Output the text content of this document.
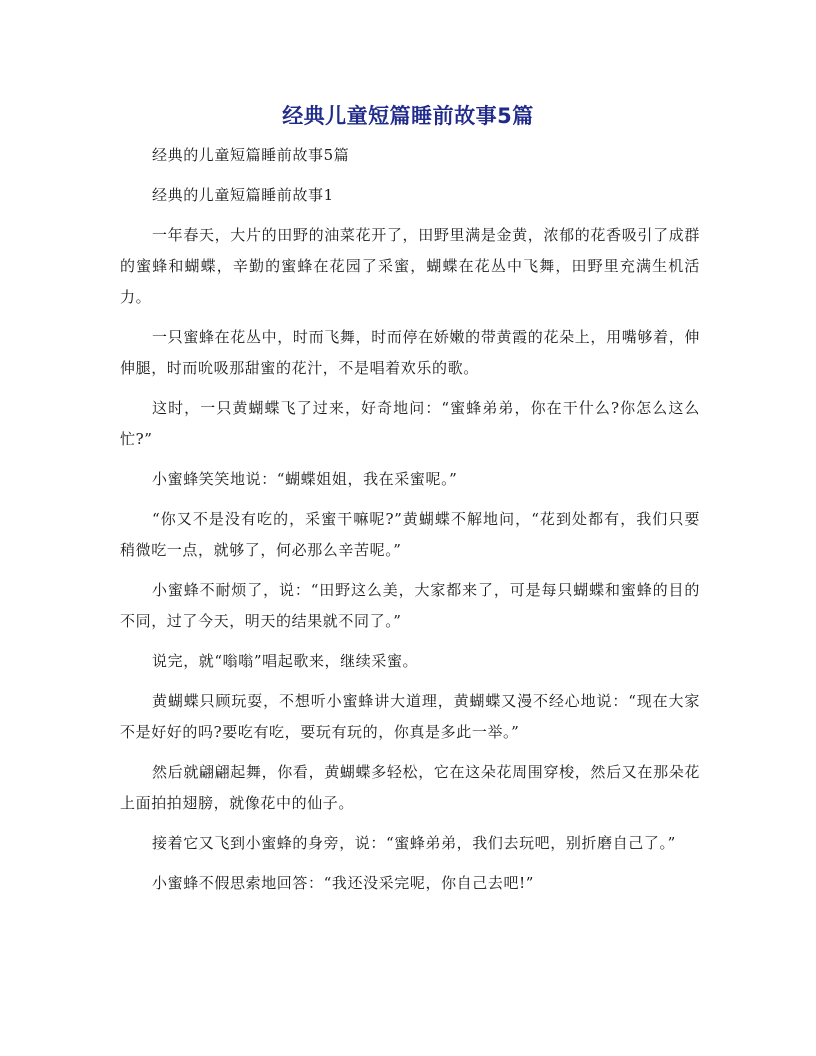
经典儿童短篇睡前故事5篇

经典的儿童短篇睡前故事5篇

经典的儿童短篇睡前故事1

一年春天，大片的田野的油菜花开了，田野里满是金黄，浓郁的花香吸引了成群的蜜蜂和蝴蝶，辛勤的蜜蜂在花园了采蜜，蝴蝶在花丛中飞舞，田野里充满生机活力。

一只蜜蜂在花丛中，时而飞舞，时而停在娇嫩的带黄霞的花朵上，用嘴够着，伸伸腿，时而吮吸那甜蜜的花汁，不是唱着欢乐的歌。

这时，一只黄蝴蝶飞了过来，好奇地问：“蜜蜂弟弟，你在干什么?你怎么这么忙?”

小蜜蜂笑笑地说：“蝴蝶姐姐，我在采蜜呢。”

“你又不是没有吃的，采蜜干嘛呢?”黄蝴蝶不解地问，“花到处都有，我们只要稍微吃一点，就够了，何必那么辛苦呢。”

小蜜蜂不耐烦了，说：“田野这么美，大家都来了，可是每只蝴蝶和蜜蜂的目的不同，过了今天，明天的结果就不同了。”

说完，就“嗡嗡”唱起歌来，继续采蜜。

黄蝴蝶只顾玩耍，不想听小蜜蜂讲大道理，黄蝴蝶又漫不经心地说：“现在大家不是好好的吗?要吃有吃，要玩有玩的，你真是多此一举。”

然后就翩翩起舞，你看，黄蝴蝶多轻松，它在这朵花周围穿梭，然后又在那朵花上面拍拍翅膀，就像花中的仙子。

接着它又飞到小蜜蜂的身旁，说：“蜜蜂弟弟，我们去玩吧，别折磨自己了。”

小蜜蜂不假思索地回答：“我还没采完呢，你自己去吧!”
